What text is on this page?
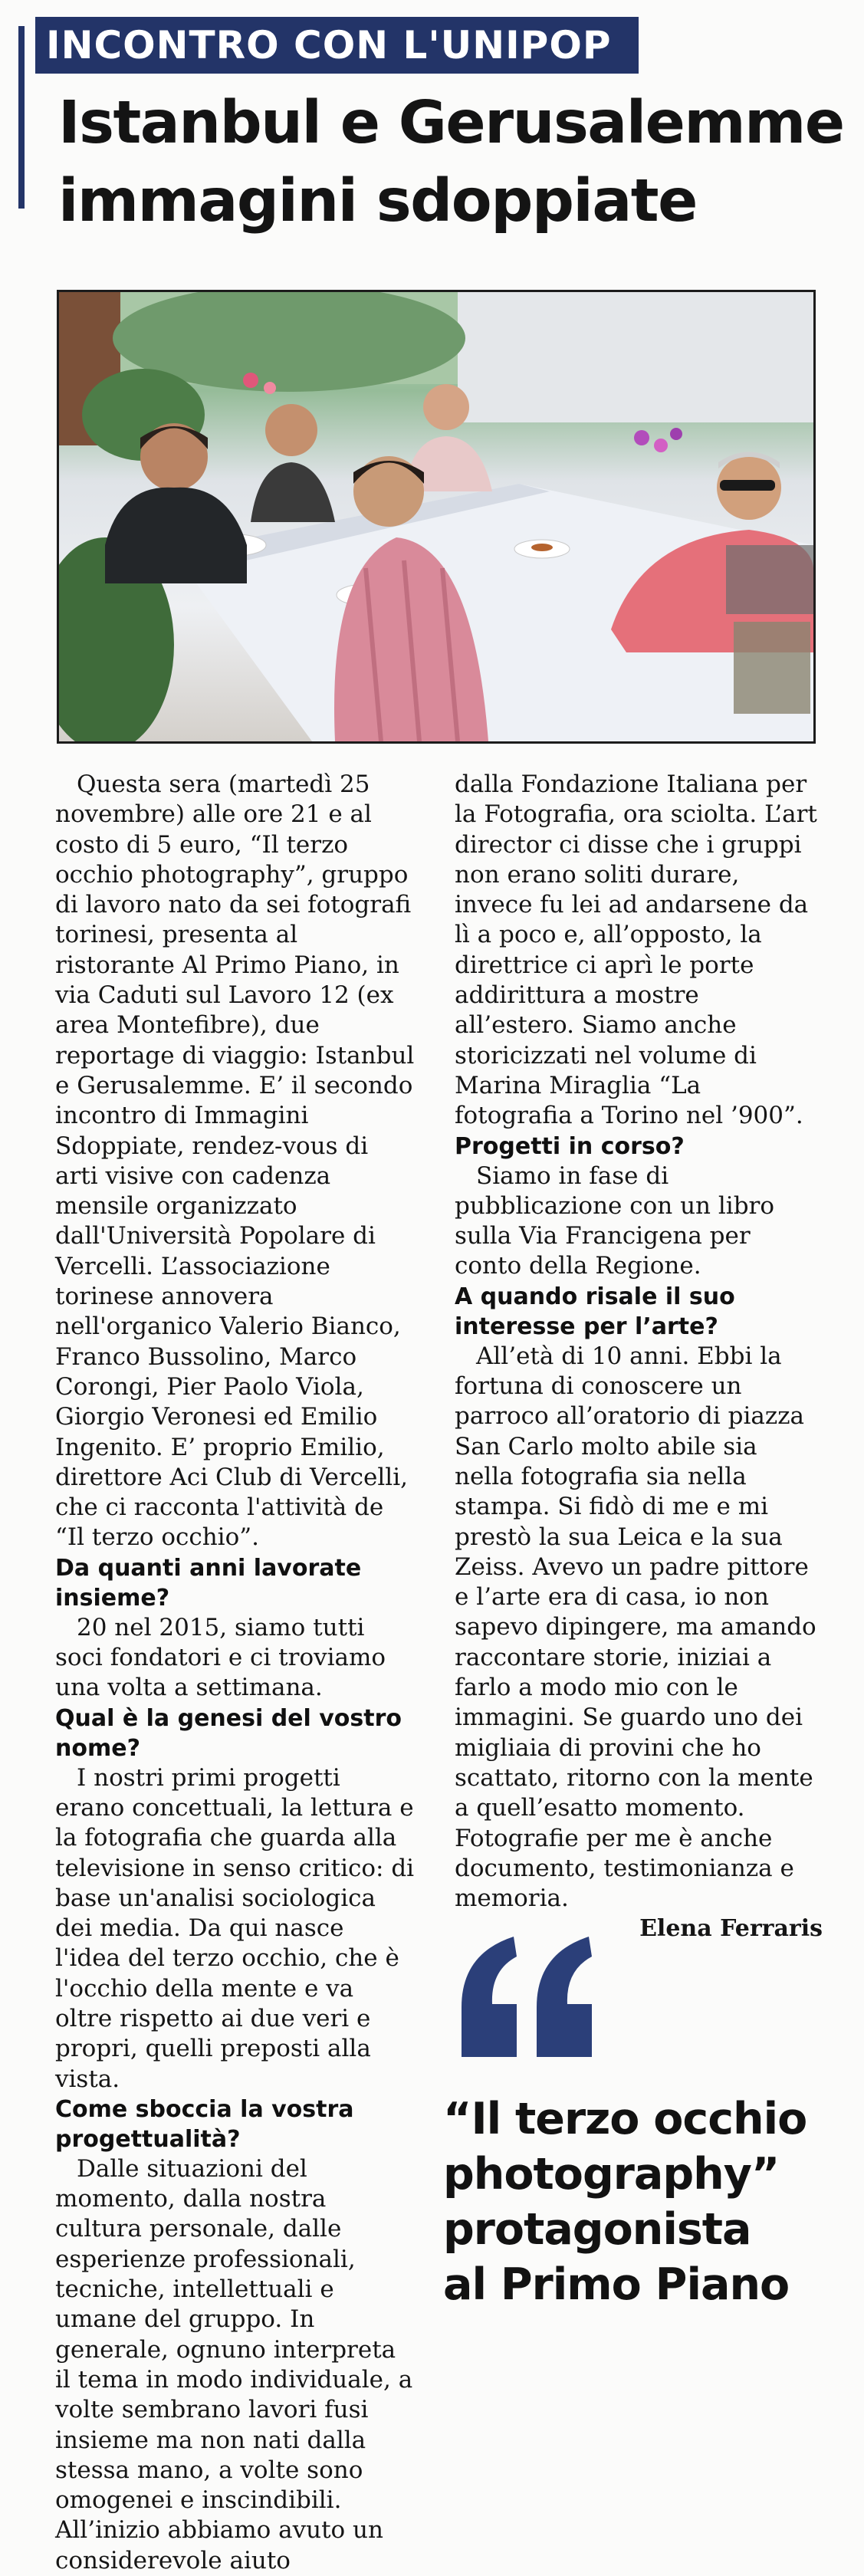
INCONTRO CON L'UNIPOP
Istanbul e Gerusalemme
immagini sdoppiate

Questa sera (martedì 25 novembre) alle ore 21 e al costo di 5 euro, “Il terzo occhio photography”, gruppo di lavoro nato da sei fotografi torinesi, presenta al ristorante Al Primo Piano, in via Caduti sul Lavoro 12 (ex area Montefibre), due reportage di viaggio: Istanbul e Gerusalemme. E’ il secondo incontro di Immagini Sdoppiate, rendez-vous di arti visive con cadenza mensile organizzato dall'Università Popolare di Vercelli. L’associazione torinese annovera nell'organico Valerio Bianco, Franco Bussolino, Marco Corongi, Pier Paolo Viola, Giorgio Veronesi ed Emilio Ingenito. E’ proprio Emilio, direttore Aci Club di Vercelli, che ci racconta l'attività de “Il terzo occhio”.

Da quanti anni lavorate insieme?

20 nel 2015, siamo tutti soci fondatori e ci troviamo una volta a settimana.

Qual è la genesi del vostro nome?

I nostri primi progetti erano concettuali, la lettura e la fotografia che guarda alla televisione in senso critico: di base un'analisi sociologica dei media. Da qui nasce l'idea del terzo occhio, che è l'occhio della mente e va oltre rispetto ai due veri e propri, quelli preposti alla vista.

Come sboccia la vostra progettualità?

Dalle situazioni del momento, dalla nostra cultura personale, dalle esperienze professionali, tecniche, intellettuali e umane del gruppo. In generale, ognuno interpreta il tema in modo individuale, a volte sembrano lavori fusi insieme ma non nati dalla stessa mano, a volte sono omogenei e inscindibili. All’inizio abbiamo avuto un considerevole aiuto

dalla Fondazione Italiana per la Fotografia, ora sciolta. L’art director ci disse che i gruppi non erano soliti durare, invece fu lei ad andarsene da lì a poco e, all’opposto, la direttrice ci aprì le porte addirittura a mostre all’estero. Siamo anche storicizzati nel volume di Marina Miraglia “La fotografia a Torino nel ’900”.

Progetti in corso?

Siamo in fase di pubblicazione con un libro sulla Via Francigena per conto della Regione.

A quando risale il suo interesse per l’arte?

All’età di 10 anni. Ebbi la fortuna di conoscere un parroco all’oratorio di piazza San Carlo molto abile sia nella fotografia sia nella stampa. Si fidò di me e mi prestò la sua Leica e la sua Zeiss. Avevo un padre pittore e l’arte era di casa, io non sapevo dipingere, ma amando raccontare storie, iniziai a farlo a modo mio con le immagini. Se guardo uno dei migliaia di provini che ho scattato, ritorno con la mente a quell’esatto momento. Fotografie per me è anche documento, testimonianza e memoria.

Elena Ferraris

“Il terzo occhio
photography”
protagonista
al Primo Piano
